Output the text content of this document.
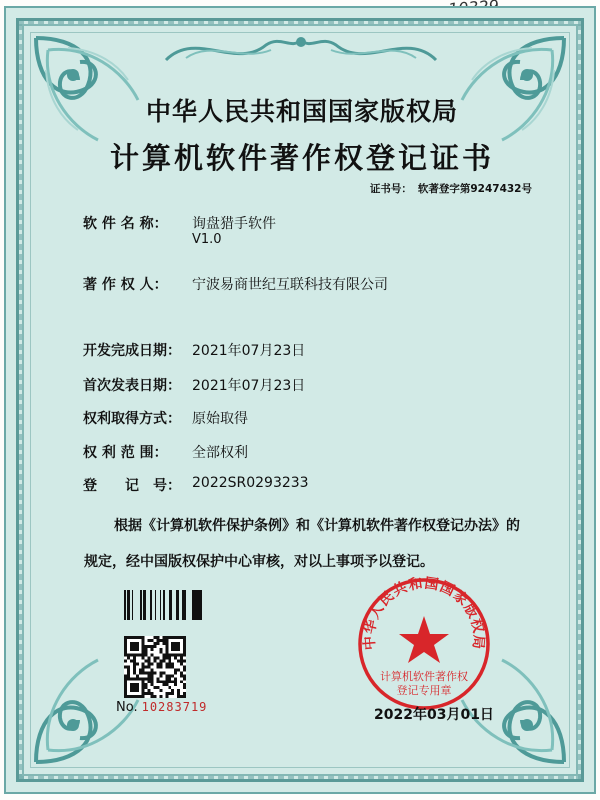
中华人民共和国国家版权局
计算机软件著作权登记证书
证书号： 软著登字第9247432号
软 件 名 称： 询盘猎手软件
V1.0
著 作 权 人： 宁波易商世纪互联科技有限公司
开发完成日期： 2021年07月23日
首次发表日期： 2021年07月23日
权利取得方式： 原始取得
权 利 范 围： 全部权利
登　　记　号： 2022SR0293233
根据《计算机软件保护条例》和《计算机软件著作权登记办法》的
规定，经中国版权保护中心审核，对以上事项予以登记。
No. 10283719
中华人民共和国国家版权局
计算机软件著作权
登记专用章
2022年03月01日
